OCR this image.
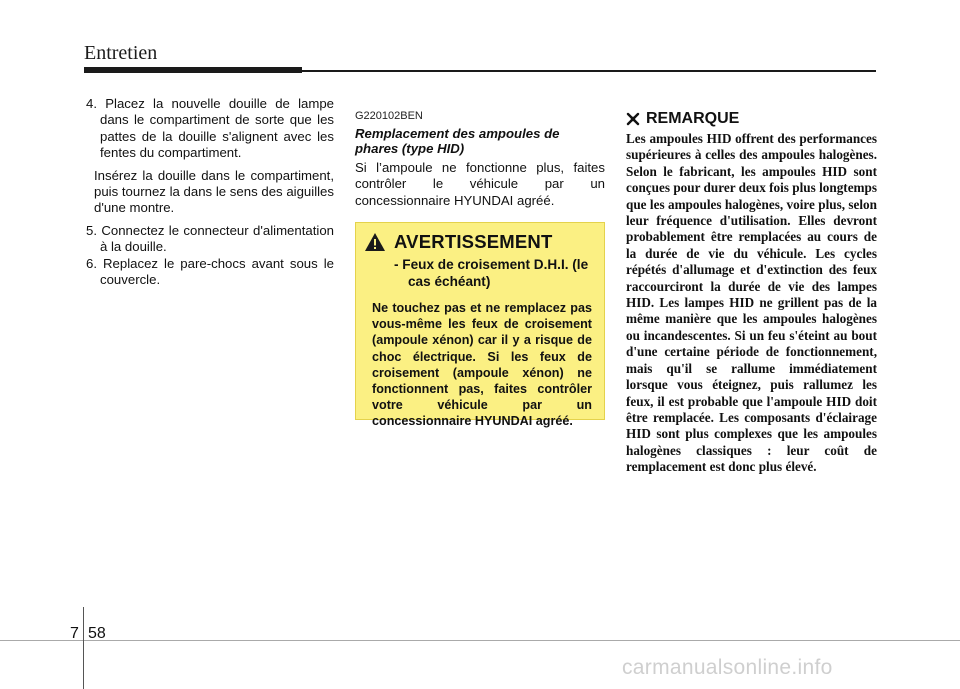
Entretien

4. Placez la nouvelle douille de lampe dans le compartiment de sorte que les pattes de la douille s'alignent avec les fentes du compartiment.

Insérez la douille dans le compartiment, puis tournez la dans le sens des aiguilles d'une montre.

5. Connectez le connecteur d'alimentation à la douille.

6. Replacez le pare-chocs avant sous le couvercle.

G220102BEN

Remplacement des ampoules de phares (type HID)

Si l’ampoule ne fonctionne plus, faites contrôler le véhicule par un concessionnaire HYUNDAI agréé.

AVERTISSEMENT
- Feux de croisement D.H.I. (le cas échéant)
Ne touchez pas et ne remplacez pas vous-même les feux de croisement (ampoule xénon) car il y a risque de choc électrique. Si les feux de croisement (ampoule xénon) ne fonctionnent pas, faites contrôler votre véhicule par un concessionnaire HYUNDAI agréé.
REMARQUE

Les ampoules HID offrent des performances supérieures à celles des ampoules halogènes. Selon le fabricant, les ampoules HID sont conçues pour durer deux fois plus longtemps que les ampoules halogènes, voire plus, selon leur fréquence d'utilisation. Elles devront probablement être remplacées au cours de la durée de vie du véhicule. Les cycles répétés d'allumage et d'extinction des feux raccourciront la durée de vie des lampes HID. Les lampes HID ne grillent pas de la même manière que les ampoules halogènes ou incandescentes. Si un feu s'éteint au bout d'une certaine période de fonctionnement, mais qu'il se rallume immédiatement lorsque vous éteignez, puis rallumez les feux, il est probable que l'ampoule HID doit être remplacée. Les composants d'éclairage HID sont plus complexes que les ampoules halogènes classiques : leur coût de remplacement est donc plus élevé.

7 58
carmanualsonline.info
